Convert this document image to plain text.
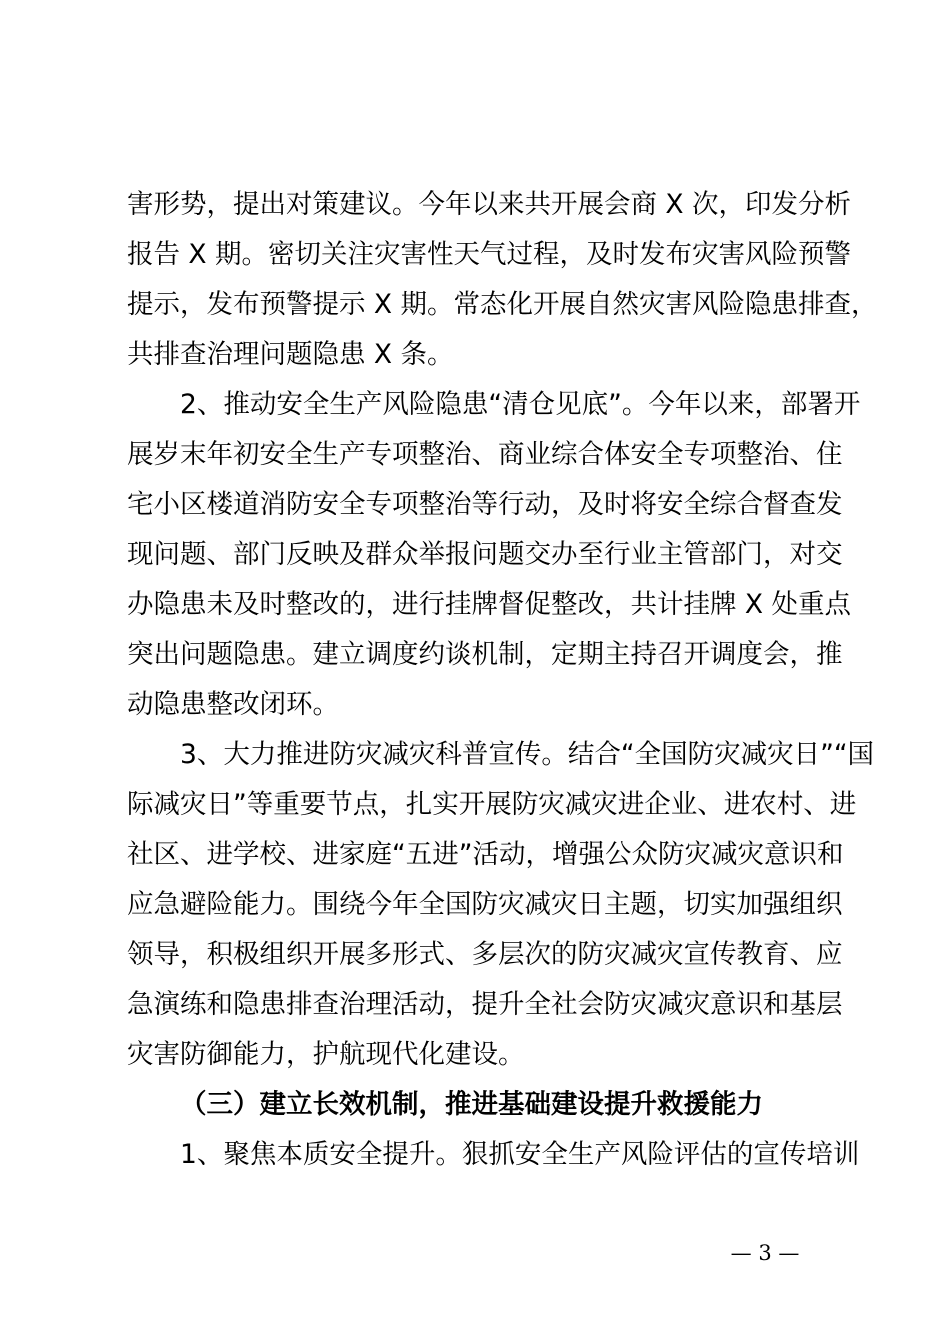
害形势，提出对策建议。今年以来共开展会商 X 次，印发分析
报告 X 期。密切关注灾害性天气过程，及时发布灾害风险预警
提示，发布预警提示 X 期。常态化开展自然灾害风险隐患排查，
共排查治理问题隐患 X 条。
2、推动安全生产风险隐患“清仓见底”。今年以来，部署开
展岁末年初安全生产专项整治、商业综合体安全专项整治、住
宅小区楼道消防安全专项整治等行动，及时将安全综合督查发
现问题、部门反映及群众举报问题交办至行业主管部门，对交
办隐患未及时整改的，进行挂牌督促整改，共计挂牌 X 处重点
突出问题隐患。建立调度约谈机制，定期主持召开调度会，推
动隐患整改闭环。
3、大力推进防灾减灾科普宣传。结合“全国防灾减灾日”“国
际减灾日”等重要节点，扎实开展防灾减灾进企业、进农村、进
社区、进学校、进家庭“五进”活动，增强公众防灾减灾意识和
应急避险能力。围绕今年全国防灾减灾日主题，切实加强组织
领导，积极组织开展多形式、多层次的防灾减灾宣传教育、应
急演练和隐患排查治理活动，提升全社会防灾减灾意识和基层
灾害防御能力，护航现代化建设。
（三）建立长效机制，推进基础建设提升救援能力
1、聚焦本质安全提升。狠抓安全生产风险评估的宣传培训
— 3 —
